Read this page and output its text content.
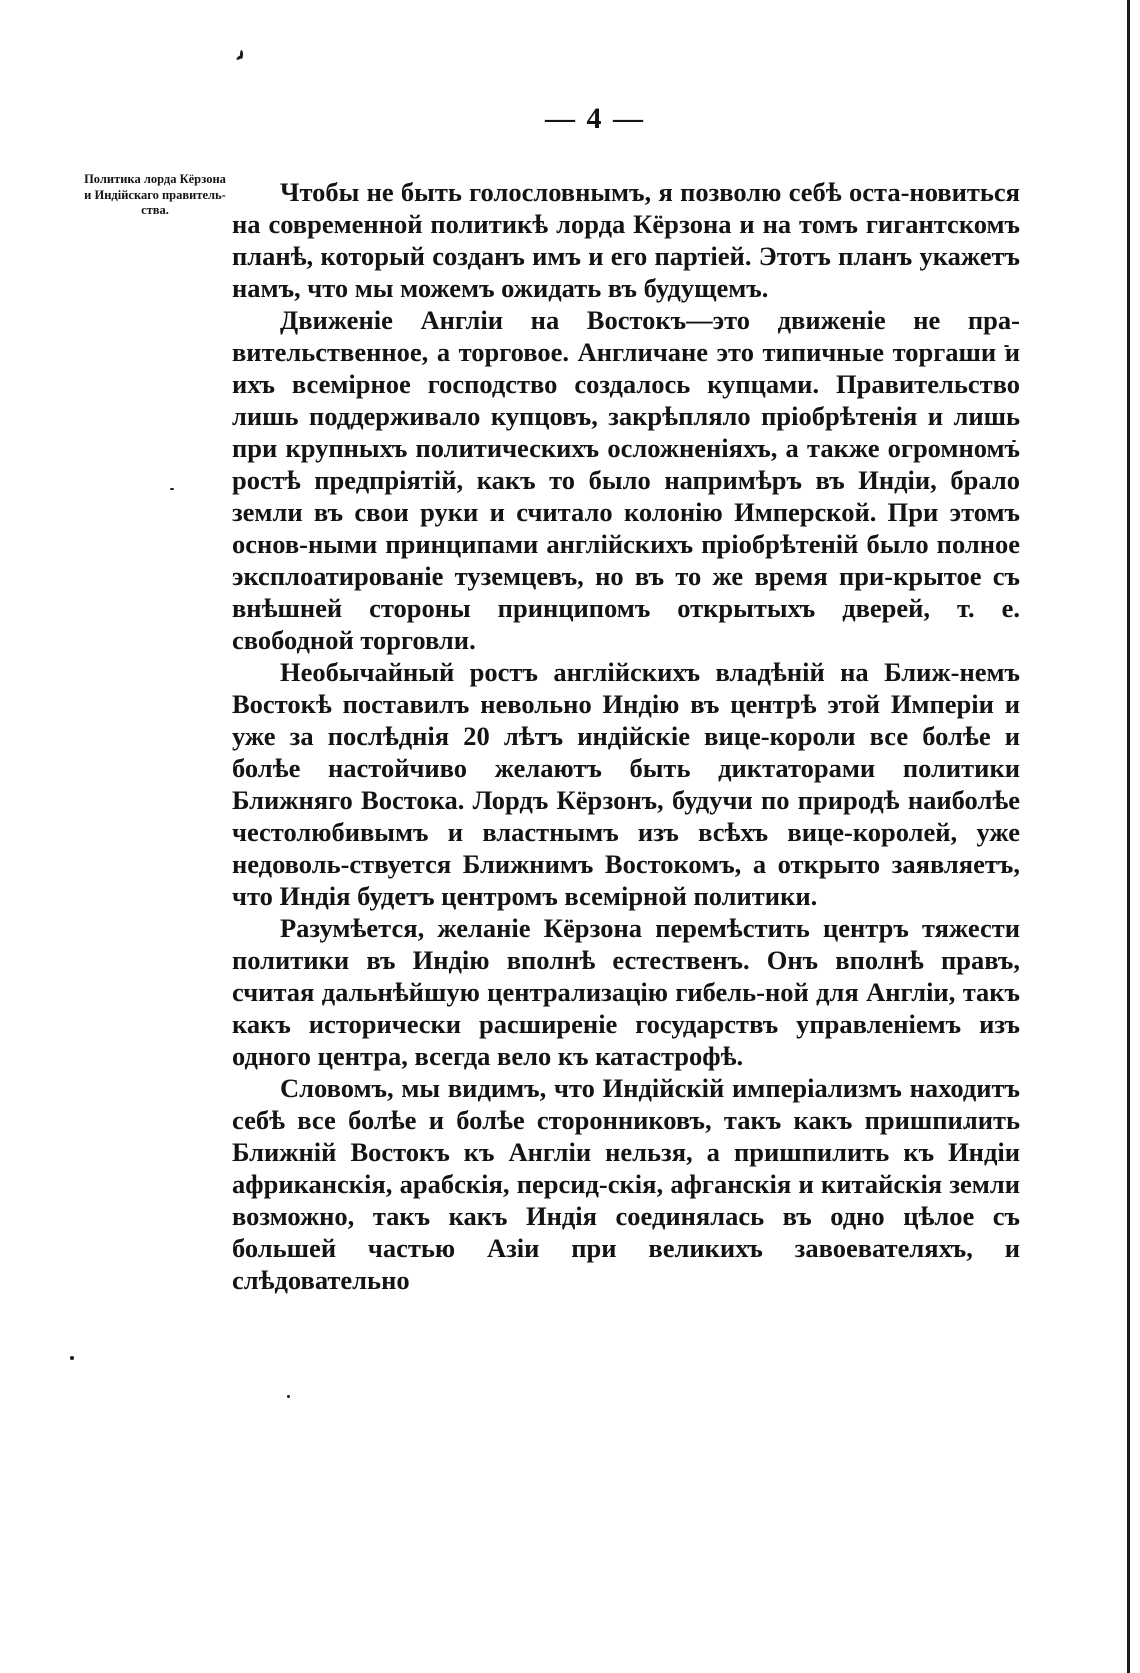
— 4 —
Политика лорда Кёрзона и Индійскаго правитель-ства.

Чтобы не быть голословнымъ, я позволю себѣ оста-новиться на современной политикѣ лорда Кёрзона и на томъ гигантскомъ планѣ, который созданъ имъ и его партіей. Этотъ планъ укажетъ намъ, что мы можемъ ожидать въ будущемъ.

Движеніе Англіи на Востокъ—это движеніе не пра-вительственное, а торговое. Англичане это типичные торгаши и ихъ всемірное господство создалось купцами. Правительство лишь поддерживало купцовъ, закрѣпляло пріобрѣтенія и лишь при крупныхъ политическихъ осложненіяхъ, а также огромномъ ростѣ предпріятій, какъ то было напримѣръ въ Индіи, брало земли въ свои руки и считало колонію Имперской. При этомъ основ-ными принципами англійскихъ пріобрѣтеній было полное эксплоатированіе туземцевъ, но въ то же время при-крытое съ внѣшней стороны принципомъ открытыхъ дверей, т. е. свободной торговли.

Необычайный ростъ англійскихъ владѣній на Ближ-немъ Востокѣ поставилъ невольно Индію въ центрѣ этой Имперіи и уже за послѣднія 20 лѣтъ индійскіе вице-короли все болѣе и болѣе настойчиво желаютъ быть диктаторами политики Ближняго Востока. Лордъ Кёрзонъ, будучи по природѣ наиболѣе честолюбивымъ и властнымъ изъ всѣхъ вице-королей, уже недоволь-ствуется Ближнимъ Востокомъ, а открыто заявляетъ, что Индія будетъ центромъ всемірной политики.

Разумѣется, желаніе Кёрзона перемѣстить центръ тяжести политики въ Индію вполнѣ естественъ. Онъ вполнѣ правъ, считая дальнѣйшую централизацію гибель-ной для Англіи, такъ какъ исторически расширеніе государствъ управленіемъ изъ одного центра, всегда вело къ катастрофѣ.

Словомъ, мы видимъ, что Индійскій имперіализмъ находитъ себѣ все болѣе и болѣе сторонниковъ, такъ какъ пришпилить Ближній Востокъ къ Англіи нельзя, а пришпилить къ Индіи африканскія, арабскія, персид-скія, афганскія и китайскія земли возможно, такъ какъ Индія соединялась въ одно цѣлое съ большей частью Азіи при великихъ завоевателяхъ, и слѣдовательно
